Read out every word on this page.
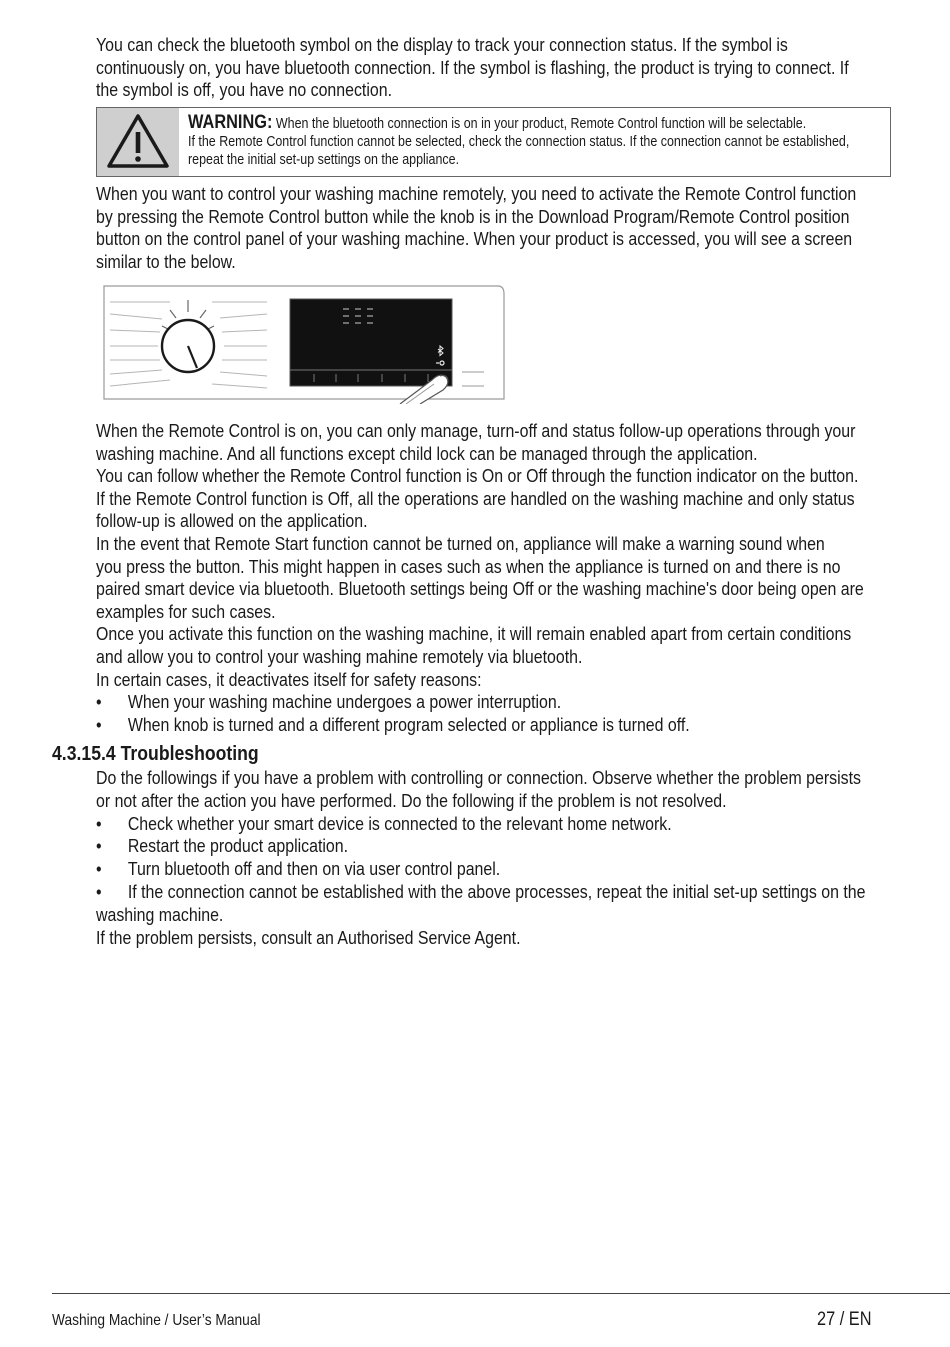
You can check the bluetooth symbol on the display to track your connection status. If the symbol is
continuously on, you have bluetooth connection. If the symbol is flashing, the product is trying to connect. If
the symbol is off, you have no connection.
WARNING: When the bluetooth connection is on in your product, Remote Control function will be selectable.
If the Remote Control function cannot be selected, check the connection status. If the connection cannot be established,
repeat the initial set-up settings on the appliance.
When you want to control your washing machine remotely, you need to activate the Remote Control function
by pressing the Remote Control button while the knob is in the Download Program/Remote Control position
button on the control panel of your washing machine. When your product is accessed, you will see a screen
similar to the below.
When the Remote Control is on, you can only manage, turn-off and status follow-up operations through your
washing machine. And all functions except child lock can be managed through the application.
You can follow whether the Remote Control function is On or Off through the function indicator on the button.
If the Remote Control function is Off, all the operations are handled on the washing machine and only status
follow-up is allowed on the application.
In the event that Remote Start function cannot be turned on, appliance will make a warning sound when
you press the button. This might happen in cases such as when the appliance is turned on and there is no
paired smart device via bluetooth. Bluetooth settings being Off or the washing machine's door being open are
examples for such cases.
Once you activate this function on the washing machine, it will remain enabled apart from certain conditions
and allow you to control your washing mahine remotely via bluetooth.
In certain cases, it deactivates itself for safety reasons:
• When your washing machine undergoes a power interruption.
• When knob is turned and a different program selected or appliance is turned off.
4.3.15.4 Troubleshooting
Do the followings if you have a problem with controlling or connection. Observe whether the problem persists
or not after the action you have performed. Do the following if the problem is not resolved.
• Check whether your smart device is connected to the relevant home network.
• Restart the product application.
• Turn bluetooth off and then on via user control panel.
• If the connection cannot be established with the above processes, repeat the initial set-up settings on the
washing machine.
If the problem persists, consult an Authorised Service Agent.
Washing Machine / User’s Manual	27 / EN
